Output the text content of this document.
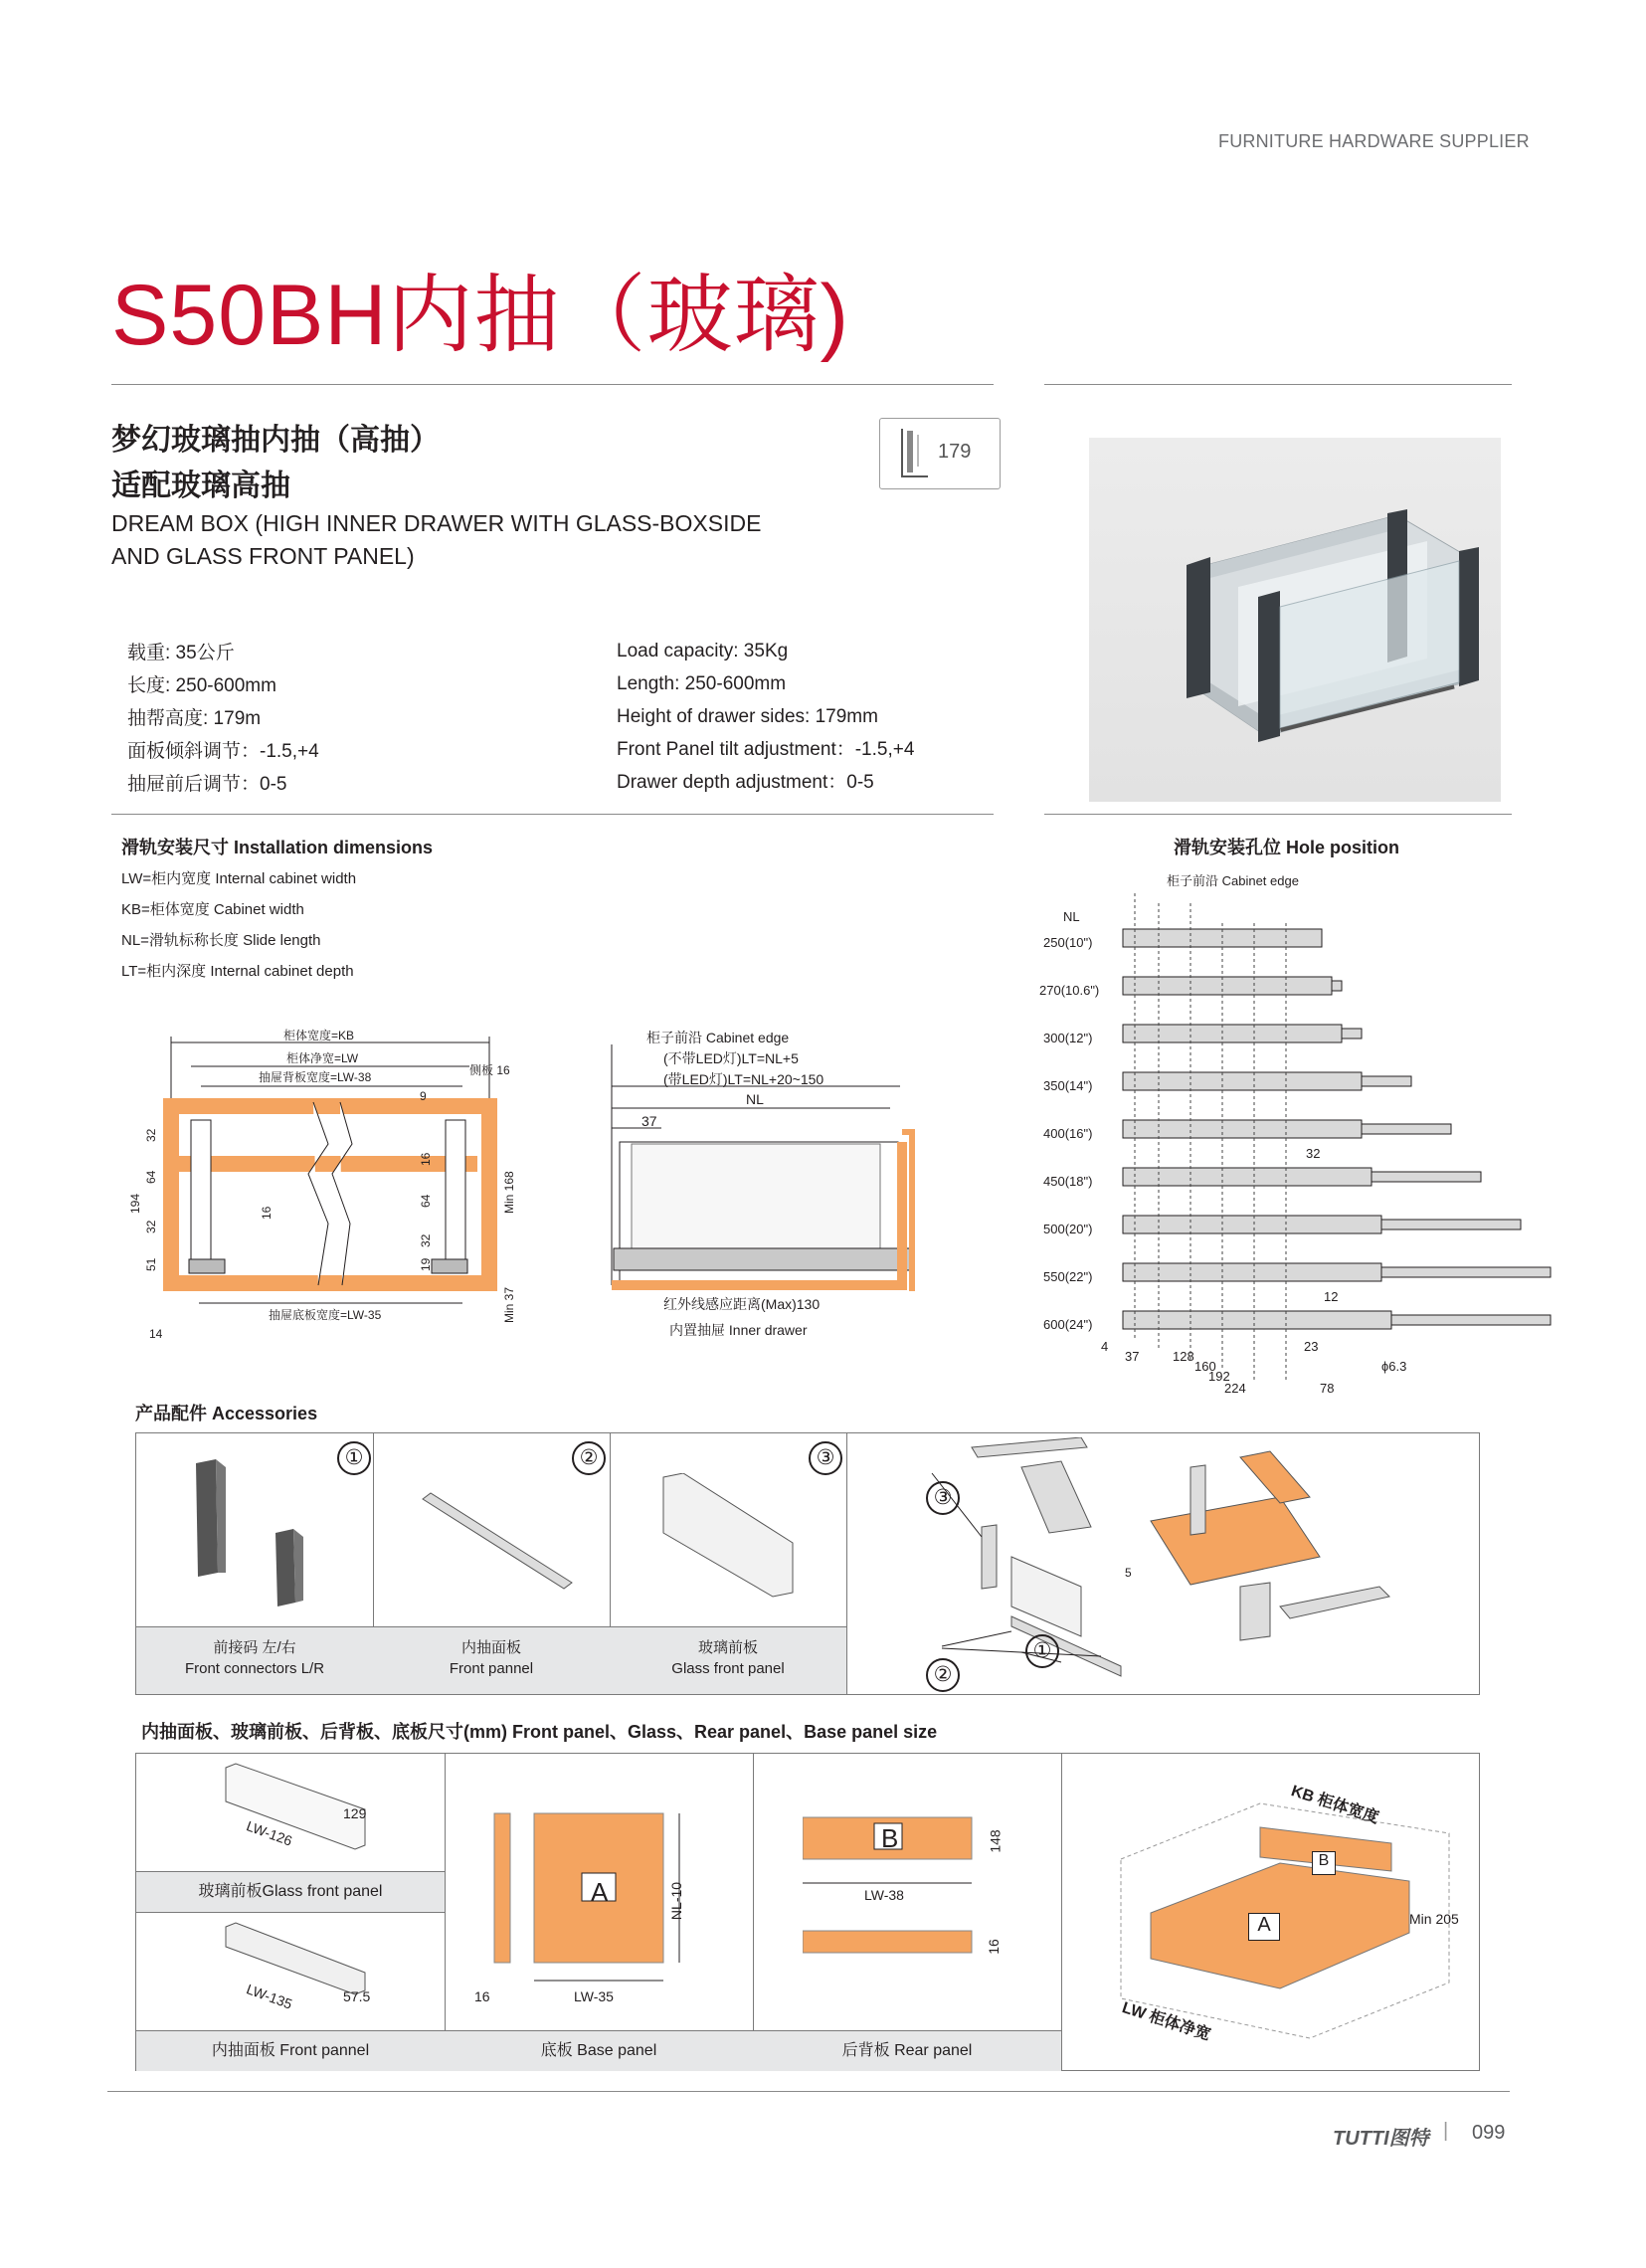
FURNITURE HARDWARE SUPPLIER
S50BH内抽（玻璃)
梦幻玻璃抽内抽（高抽）
适配玻璃高抽
DREAM BOX (HIGH INNER DRAWER WITH GLASS-BOXSIDE
AND GLASS FRONT PANEL)
179
载重: 35公斤
长度: 250-600mm
抽帮高度: 179m
面板倾斜调节：-1.5,+4
抽屉前后调节：0-5
Load capacity: 35Kg
Length: 250-600mm
Height of drawer sides: 179mm
Front Panel tilt adjustment：-1.5,+4
Drawer depth adjustment：0-5
滑轨安装尺寸 Installation dimensions
LW=柜内宽度 Internal cabinet width
KB=柜体宽度 Cabinet width
NL=滑轨标称长度 Slide length
LT=柜内深度 Internal cabinet depth
柜体宽度=KB
柜体净宽=LW
抽屉背板宽度=LW-38	侧板 16
9
14
抽屉底板宽度=LW-35
194
32
64
32
51
16
16
64
32
19
Min 168
Min 37
柜子前沿 Cabinet edge
(不带LED灯)LT=NL+5
(带LED灯)LT=NL+20~150
NL
37
红外线感应距离(Max)130
内置抽屉 Inner drawer
滑轨安装孔位 Hole position
柜子前沿 Cabinet edge
NL
250(10")
270(10.6")
300(12")
350(14")
400(16")
450(18")
500(20")
550(22")
600(24")
32
12
23
4
37	128
160
192
224	78
ϕ6.3
产品配件 Accessories
①
前接码 左/右
Front connectors L/R
②
内抽面板
Front pannel
③
玻璃前板
Glass front panel
5
③
①
②
内抽面板、玻璃前板、后背板、底板尺寸(mm) Front panel、Glass、Rear panel、Base panel size
129
LW-126
玻璃前板Glass front panel
57.5
LW-135
内抽面板 Front pannel
A	NL-10
LW-35
16
底板 Base panel
B	148
LW-38
16
后背板 Rear panel
A
B
KB 柜体宽度
LW 柜体净宽
Min 205
TUTTI图特 | 099
